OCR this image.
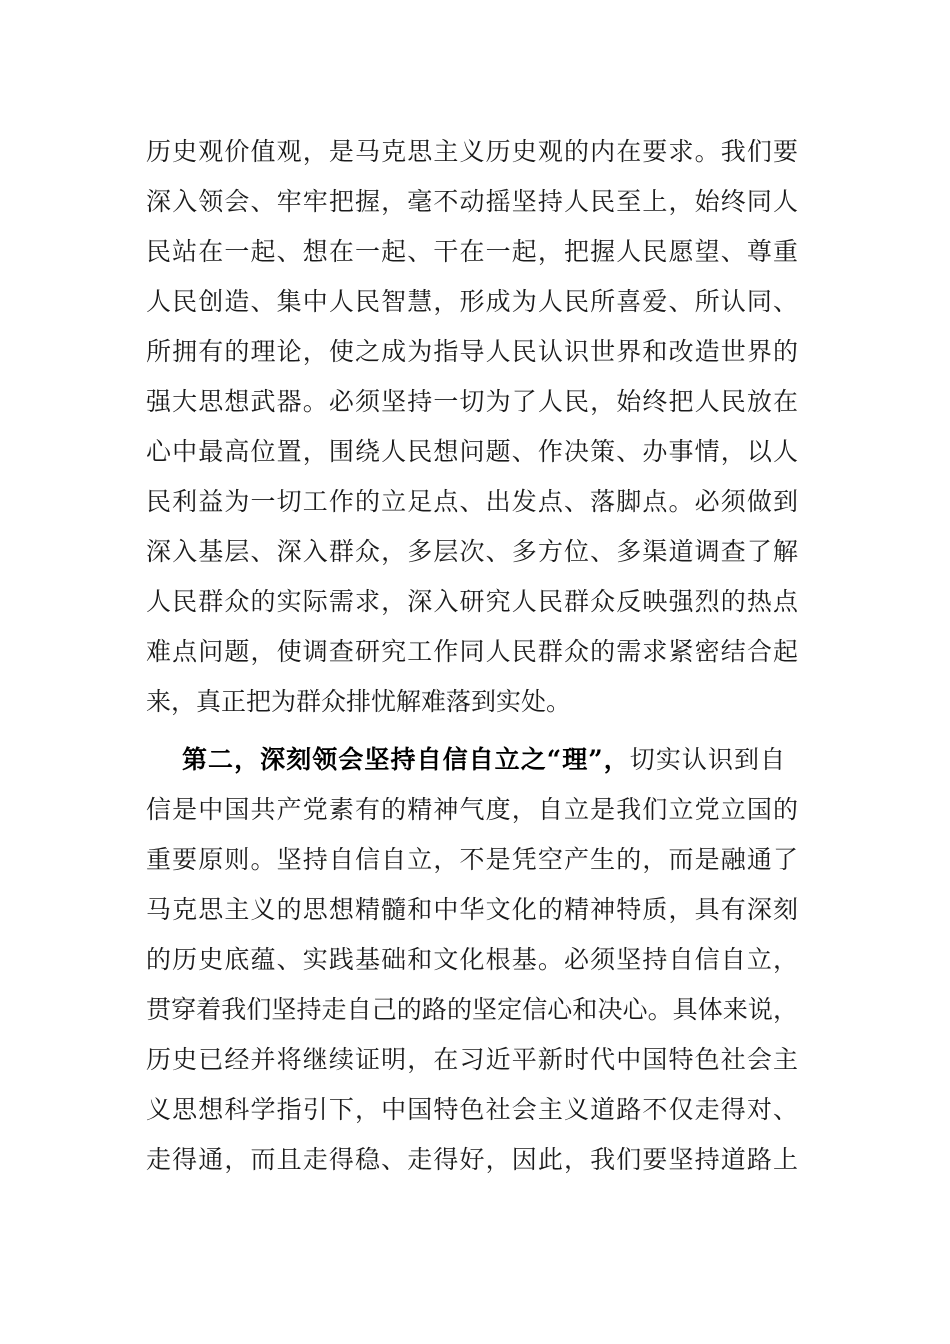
历史观价值观，是马克思主义历史观的内在要求。我们要
深入领会、牢牢把握，毫不动摇坚持人民至上，始终同人
民站在一起、想在一起、干在一起，把握人民愿望、尊重
人民创造、集中人民智慧，形成为人民所喜爱、所认同、
所拥有的理论，使之成为指导人民认识世界和改造世界的
强大思想武器。必须坚持一切为了人民，始终把人民放在
心中最高位置，围绕人民想问题、作决策、办事情，以人
民利益为一切工作的立足点、出发点、落脚点。必须做到
深入基层、深入群众，多层次、多方位、多渠道调查了解
人民群众的实际需求，深入研究人民群众反映强烈的热点
难点问题，使调查研究工作同人民群众的需求紧密结合起
来，真正把为群众排忧解难落到实处。
第二，深刻领会坚持自信自立之“理”，切实认识到自
信是中国共产党素有的精神气度，自立是我们立党立国的
重要原则。坚持自信自立，不是凭空产生的，而是融通了
马克思主义的思想精髓和中华文化的精神特质，具有深刻
的历史底蕴、实践基础和文化根基。必须坚持自信自立，
贯穿着我们坚持走自己的路的坚定信心和决心。具体来说，
历史已经并将继续证明，在习近平新时代中国特色社会主
义思想科学指引下，中国特色社会主义道路不仅走得对、
走得通，而且走得稳、走得好，因此，我们要坚持道路上
